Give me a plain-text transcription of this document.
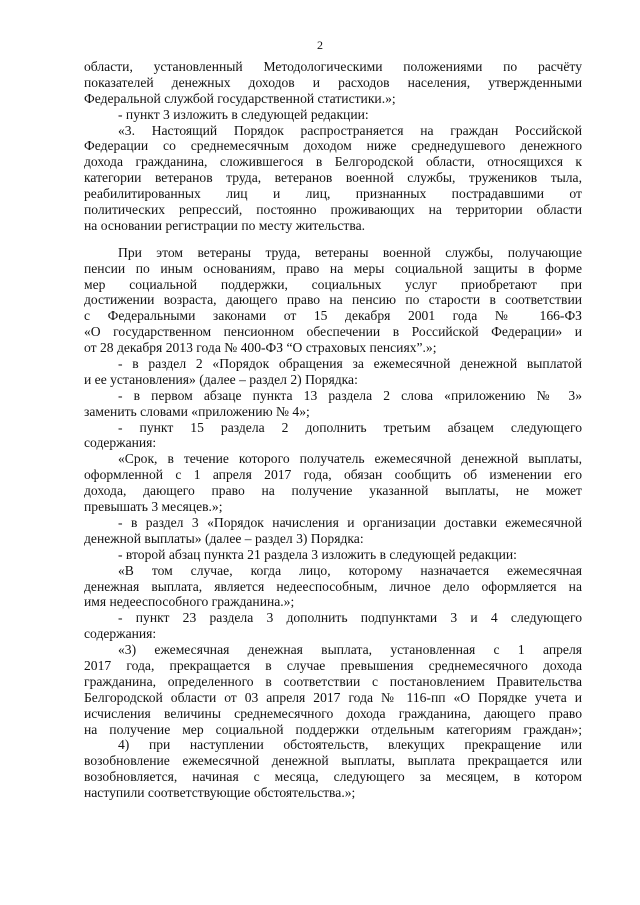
2
области, установленный Методологическими положениями по расчёту
показателей денежных доходов и расходов населения, утвержденными
Федеральной службой государственной статистики.»;
- пункт 3 изложить в следующей редакции:
«3. Настоящий Порядок распространяется на граждан Российской
Федерации со среднемесячным доходом ниже среднедушевого денежного
дохода гражданина, сложившегося в Белгородской области, относящихся к
категории ветеранов труда, ветеранов военной службы, тружеников тыла,
реабилитированных лиц и лиц, признанных пострадавшими от
политических репрессий, постоянно проживающих на территории области
на основании регистрации по месту жительства.
При этом ветераны труда, ветераны военной службы, получающие
пенсии по иным основаниям, право на меры социальной защиты в форме
мер социальной поддержки, социальных услуг приобретают при
достижении возраста, дающего право на пенсию по старости в соответствии
с Федеральными законами от 15 декабря 2001 года № 166-ФЗ
«О государственном пенсионном обеспечении в Российской Федерации» и
от 28 декабря 2013 года № 400-ФЗ “О страховых пенсиях”.»;
- в раздел 2 «Порядок обращения за ежемесячной денежной выплатой
и ее установления» (далее – раздел 2) Порядка:
- в первом абзаце пункта 13 раздела 2 слова «приложению № 3»
заменить словами «приложению № 4»;
- пункт 15 раздела 2 дополнить третьим абзацем следующего
содержания:
«Срок, в течение которого получатель ежемесячной денежной выплаты,
оформленной с 1 апреля 2017 года, обязан сообщить об изменении его
дохода, дающего право на получение указанной выплаты, не может
превышать 3 месяцев.»;
- в раздел 3 «Порядок начисления и организации доставки ежемесячной
денежной выплаты» (далее – раздел 3) Порядка:
- второй абзац пункта 21 раздела 3 изложить в следующей редакции:
«В том случае, когда лицо, которому назначается ежемесячная
денежная выплата, является недееспособным, личное дело оформляется на
имя недееспособного гражданина.»;
- пункт 23 раздела 3 дополнить подпунктами 3 и 4 следующего
содержания:
«3) ежемесячная денежная выплата, установленная с 1 апреля
2017 года, прекращается в случае превышения среднемесячного дохода
гражданина, определенного в соответствии с постановлением Правительства
Белгородской области от 03 апреля 2017 года № 116-пп «О Порядке учета и
исчисления величины среднемесячного дохода гражданина, дающего право
на получение мер социальной поддержки отдельным категориям граждан»;
4) при наступлении обстоятельств, влекущих прекращение или
возобновление ежемесячной денежной выплаты, выплата прекращается или
возобновляется, начиная с месяца, следующего за месяцем, в котором
наступили соответствующие обстоятельства.»;
